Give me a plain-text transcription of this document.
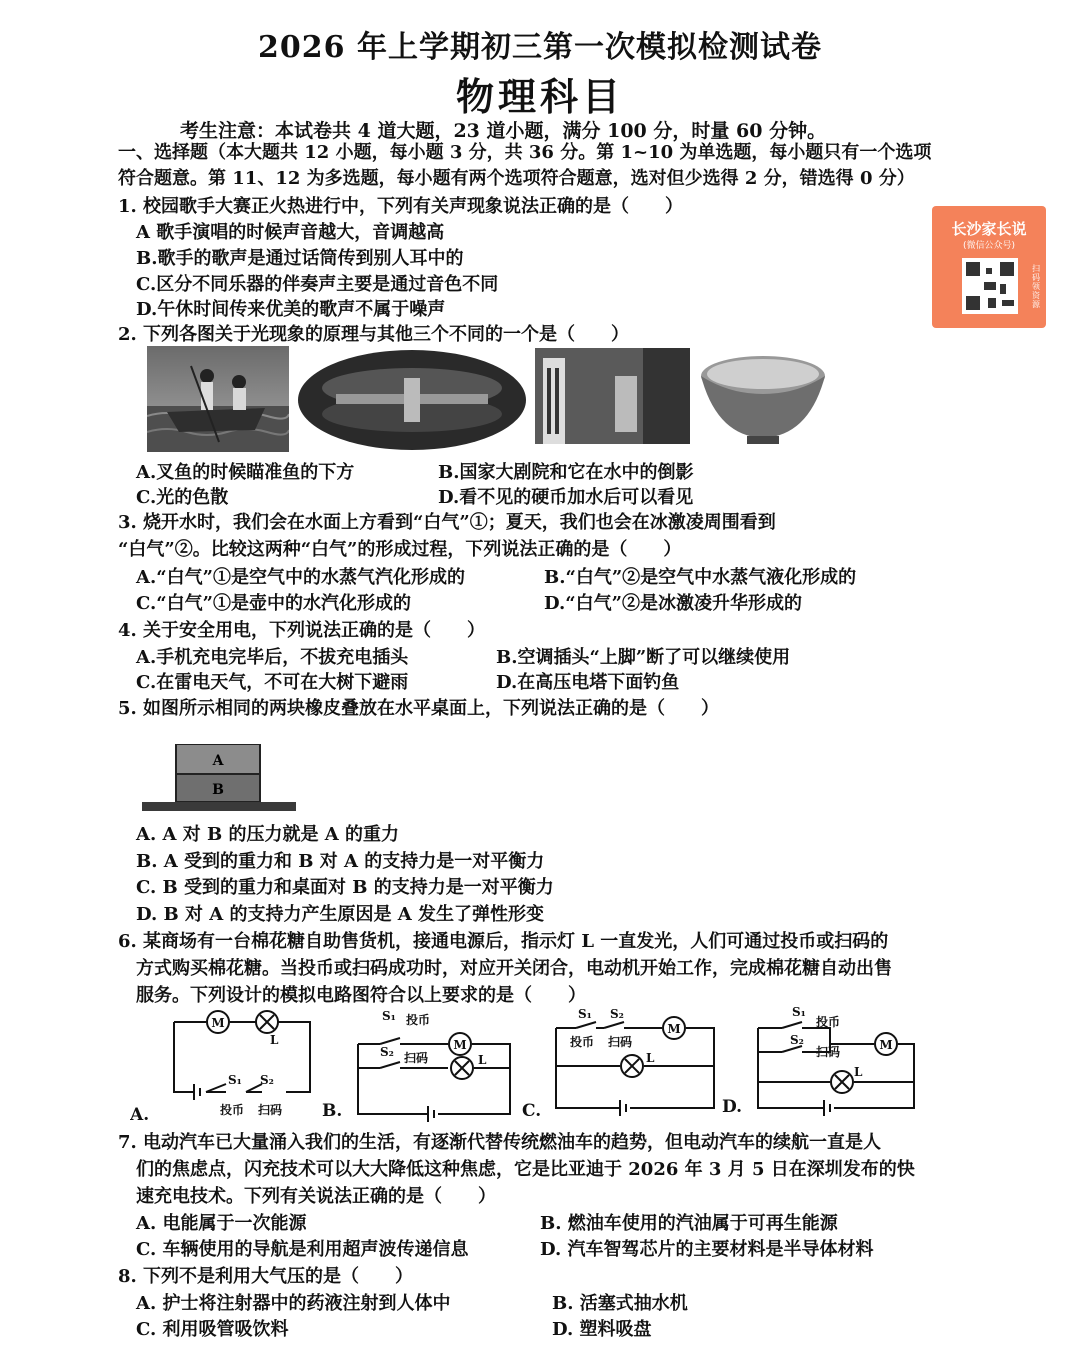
2026 年上学期初三第一次模拟检测试卷
物理科目
考生注意：本试卷共 4 道大题，23 道小题，满分 100 分，时量 60 分钟。
一、选择题（本大题共 12 小题，每小题 3 分，共 36 分。第 1~10 为单选题，每小题只有一个选项
符合题意。第 11、12 为多选题，每小题有两个选项符合题意，选对但少选得 2 分，错选得 0 分）
长沙家长说
(微信公众号)
扫码领资源
1. 校园歌手大赛正火热进行中，下列有关声现象说法正确的是（　　）
A 歌手演唱的时候声音越大，音调越高
B.歌手的歌声是通过话筒传到别人耳中的
C.区分不同乐器的伴奏声主要是通过音色不同
D.午休时间传来优美的歌声不属于噪声
2. 下列各图关于光现象的原理与其他三个不同的一个是（　　）
A.叉鱼的时候瞄准鱼的下方	B.国家大剧院和它在水中的倒影
C.光的色散	D.看不见的硬币加水后可以看见
3. 烧开水时，我们会在水面上方看到“白气”①；夏天，我们也会在冰激凌周围看到
“白气”②。比较这两种“白气”的形成过程，下列说法正确的是（　　）
A.“白气”①是空气中的水蒸气汽化形成的	B.“白气”②是空气中水蒸气液化形成的
C.“白气”①是壶中的水汽化形成的	D.“白气”②是冰激凌升华形成的
4. 关于安全用电，下列说法正确的是（　　）
A.手机充电完毕后，不拔充电插头	B.空调插头“上脚”断了可以继续使用
C.在雷电天气，不可在大树下避雨	D.在高压电塔下面钓鱼
5. 如图所示相同的两块橡皮叠放在水平桌面上，下列说法正确的是（　　）
A
B
A. A 对 B 的压力就是 A 的重力
B. A 受到的重力和 B 对 A 的支持力是一对平衡力
C. B 受到的重力和桌面对 B 的支持力是一对平衡力
D. B 对 A 的支持力产生原因是 A 发生了弹性形变
6. 某商场有一台棉花糖自助售货机，接通电源后，指示灯 L 一直发光，人们可通过投币或扫码的
方式购买棉花糖。当投币或扫码成功时，对应开关闭合，电动机开始工作，完成棉花糖自动出售
服务。下列设计的模拟电路图符合以上要求的是（　　）
M
L
S₁ S₂
投币 扫码
A.
S₁ 投币
M
S₂ 扫码	L
B.
S₁ S₂
M
投币 扫码
L
C.
S₁
投币
S₂
扫码	M
L
D.
7. 电动汽车已大量涌入我们的生活，有逐渐代替传统燃油车的趋势，但电动汽车的续航一直是人
们的焦虑点，闪充技术可以大大降低这种焦虑，它是比亚迪于 2026 年 3 月 5 日在深圳发布的快
速充电技术。下列有关说法正确的是（　　）
A. 电能属于一次能源	B. 燃油车使用的汽油属于可再生能源
C. 车辆使用的导航是利用超声波传递信息	D. 汽车智驾芯片的主要材料是半导体材料
8. 下列不是利用大气压的是（　　）
A. 护士将注射器中的药液注射到人体中	B. 活塞式抽水机
C. 利用吸管吸饮料	D. 塑料吸盘
